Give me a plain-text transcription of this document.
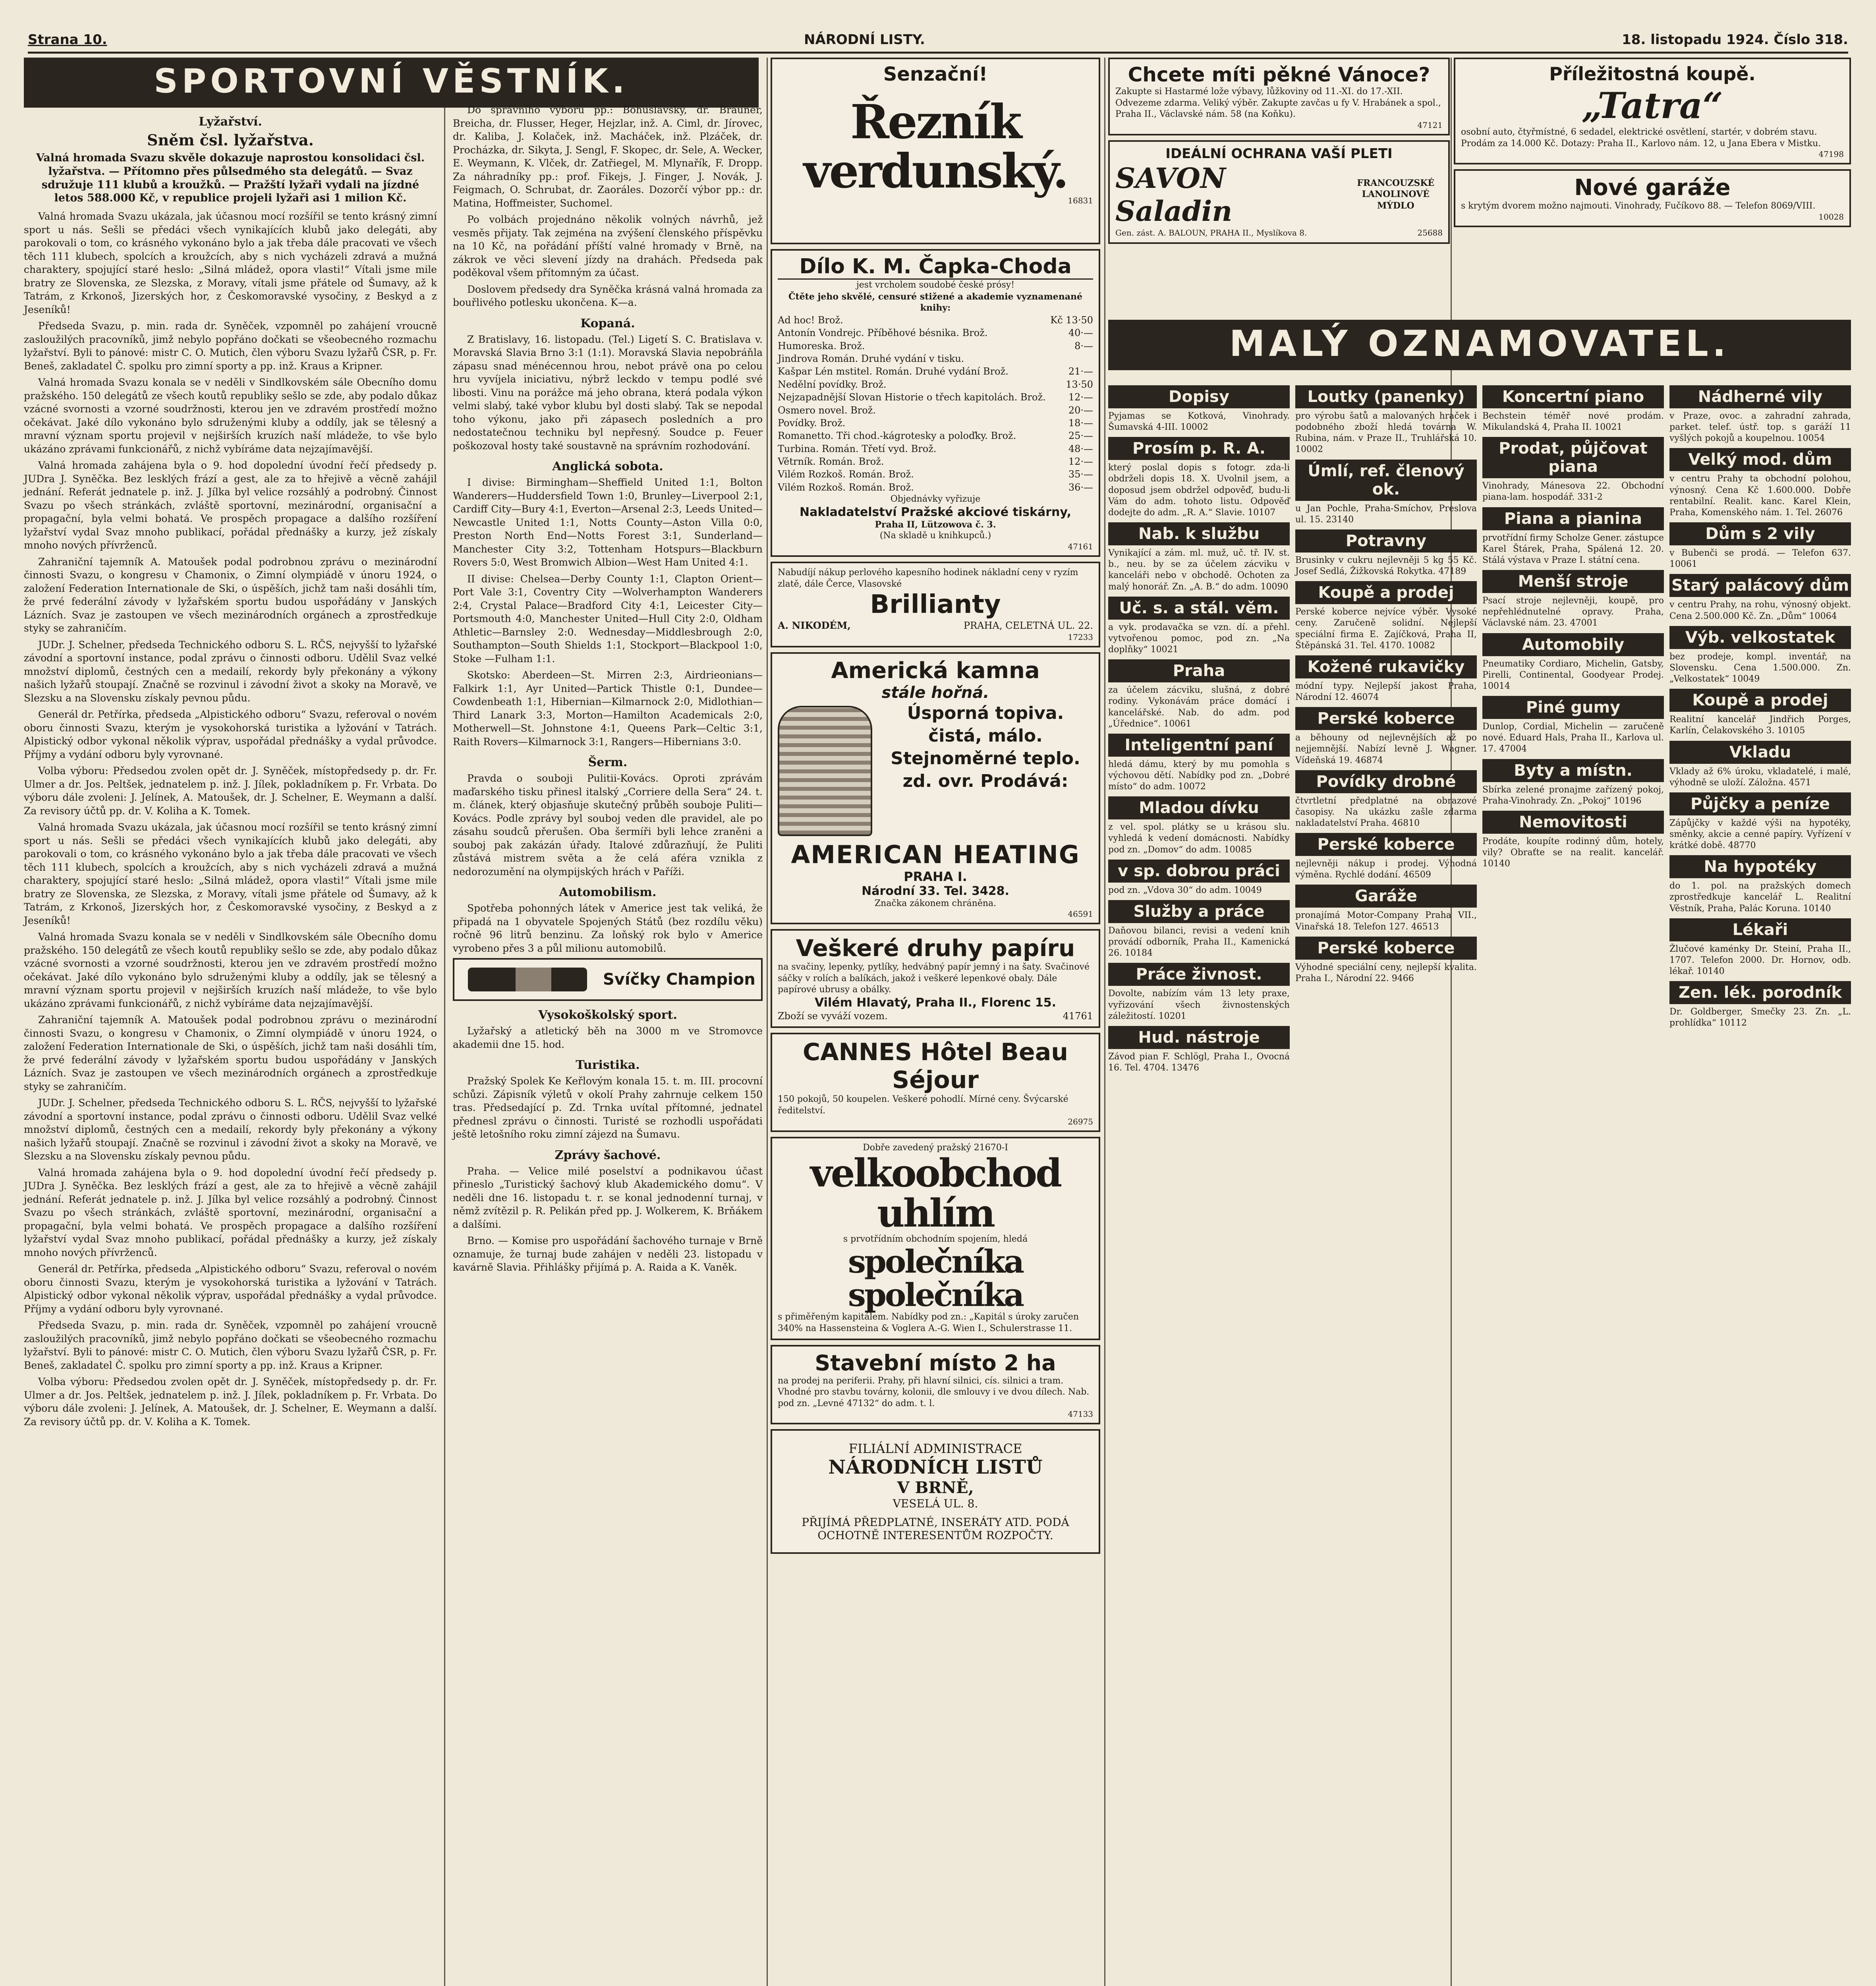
Strana 10.	NÁRODNÍ LISTY.	18. listopadu 1924. Číslo 318.
SPORTOVNÍ VĚSTNÍK.
Lyžařství.
Sněm čsl. lyžařstva.
Valná hromada Svazu skvěle dokazuje naprostou konsolidaci čsl. lyžařstva. — Přítomno přes půlsedmého sta delegátů. — Svaz sdružuje 111 klubů a kroužků. — Pražští lyžaři vydali na jízdné letos 588.000 Kč, v republice projeli lyžaři asi 1 milion Kč.

Valná hromada Svazu ukázala, jak účasnou mocí rozšířil se tento krásný zimní sport u nás. Sešli se předáci všech vynikajících klubů jako delegáti, aby parokovali o tom, co krásného vykonáno bylo a jak třeba dále pracovati ve všech těch 111 klubech, spolcích a kroužcích, aby s nich vycházeli zdravá a mužná charaktery, spojující staré heslo: „Silná mládež, opora vlasti!“ Vítali jsme mile bratry ze Slovenska, ze Slezska, z Moravy, vítali jsme přátele od Šumavy, až k Tatrám, z Krkonoš, Jizerských hor, z Českomoravské vysočiny, z Beskyd a z Jeseníků!

Předseda Svazu, p. min. rada dr. Syněček, vzpomněl po zahájení vroucně zasloužilých pracovníků, jimž nebylo popřáno dočkati se všeobecného rozmachu lyžařství. Byli to pánové: mistr C. O. Mutich, člen výboru Svazu lyžařů ČSR, p. Fr. Beneš, zakladatel Č. spolku pro zimní sporty a pp. inž. Kraus a Kripner.

Valná hromada Svazu konala se v neděli v Sindlkovském sále Obecního domu pražského. 150 delegátů ze všech koutů republiky sešlo se zde, aby podalo důkaz vzácné svornosti a vzorné soudržnosti, kterou jen ve zdravém prostředí možno očekávat. Jaké dílo vykonáno bylo sdruženými kluby a oddíly, jak se tělesný a mravní význam sportu projevil v nejširších kruzích naší mládeže, to vše bylo ukázáno zprávami funkcionářů, z nichž vybíráme data nejzajímavější.

Valná hromada zahájena byla o 9. hod dopolední úvodní řečí předsedy p. JUDra J. Syněčka. Bez lesklých frází a gest, ale za to hřejivě a věcně zahájil jednání. Referát jednatele p. inž. J. Jílka byl velice rozsáhlý a podrobný. Činnost Svazu po všech stránkách, zvláště sportovní, mezinárodní, organisační a propagační, byla velmi bohatá. Ve prospěch propagace a dalšího rozšíření lyžařství vydal Svaz mnoho publikací, pořádal přednášky a kurzy, jež získaly mnoho nových přívrženců.

Zahraniční tajemník A. Matoušek podal podrobnou zprávu o mezinárodní činnosti Svazu, o kongresu v Chamonix, o Zimní olympiádě v únoru 1924, o založení Federation Internationale de Ski, o úspěších, jichž tam naši dosáhli tím, že prvé federální závody v lyžařském sportu budou uspořádány v Janských Lázních. Svaz je zastoupen ve všech mezinárodních orgánech a zprostředkuje styky se zahraničím.

JUDr. J. Schelner, předseda Technického odboru S. L. RČS, nejvyšší to lyžařské závodní a sportovní instance, podal zprávu o činnosti odboru. Udělil Svaz velké množství diplomů, čestných cen a medailí, rekordy byly překonány a výkony našich lyžařů stoupají. Značně se rozvinul i závodní život a skoky na Moravě, ve Slezsku a na Slovensku získaly pevnou půdu.

Generál dr. Petřírka, předseda „Alpistického odboru“ Svazu, referoval o novém oboru činnosti Svazu, kterým je vysokohorská turistika a lyžování v Tatrách. Alpistický odbor vykonal několik výprav, uspořádal přednášky a vydal průvodce. Příjmy a vydání odboru byly vyrovnané.

Volba výboru: Předsedou zvolen opět dr. J. Syněček, místopředsedy p. dr. Fr. Ulmer a dr. Jos. Peltšek, jednatelem p. inž. J. Jílek, pokladníkem p. Fr. Vrbata. Do výboru dále zvoleni: J. Jelínek, A. Matoušek, dr. J. Schelner, E. Weymann a další. Za revisory účtů pp. dr. V. Koliha a K. Tomek.

Valná hromada Svazu ukázala, jak účasnou mocí rozšířil se tento krásný zimní sport u nás. Sešli se předáci všech vynikajících klubů jako delegáti, aby parokovali o tom, co krásného vykonáno bylo a jak třeba dále pracovati ve všech těch 111 klubech, spolcích a kroužcích, aby s nich vycházeli zdravá a mužná charaktery, spojující staré heslo: „Silná mládež, opora vlasti!“ Vítali jsme mile bratry ze Slovenska, ze Slezska, z Moravy, vítali jsme přátele od Šumavy, až k Tatrám, z Krkonoš, Jizerských hor, z Českomoravské vysočiny, z Beskyd a z Jeseníků!

Valná hromada Svazu konala se v neděli v Sindlkovském sále Obecního domu pražského. 150 delegátů ze všech koutů republiky sešlo se zde, aby podalo důkaz vzácné svornosti a vzorné soudržnosti, kterou jen ve zdravém prostředí možno očekávat. Jaké dílo vykonáno bylo sdruženými kluby a oddíly, jak se tělesný a mravní význam sportu projevil v nejširších kruzích naší mládeže, to vše bylo ukázáno zprávami funkcionářů, z nichž vybíráme data nejzajímavější.

Zahraniční tajemník A. Matoušek podal podrobnou zprávu o mezinárodní činnosti Svazu, o kongresu v Chamonix, o Zimní olympiádě v únoru 1924, o založení Federation Internationale de Ski, o úspěších, jichž tam naši dosáhli tím, že prvé federální závody v lyžařském sportu budou uspořádány v Janských Lázních. Svaz je zastoupen ve všech mezinárodních orgánech a zprostředkuje styky se zahraničím.

JUDr. J. Schelner, předseda Technického odboru S. L. RČS, nejvyšší to lyžařské závodní a sportovní instance, podal zprávu o činnosti odboru. Udělil Svaz velké množství diplomů, čestných cen a medailí, rekordy byly překonány a výkony našich lyžařů stoupají. Značně se rozvinul i závodní život a skoky na Moravě, ve Slezsku a na Slovensku získaly pevnou půdu.

Valná hromada zahájena byla o 9. hod dopolední úvodní řečí předsedy p. JUDra J. Syněčka. Bez lesklých frází a gest, ale za to hřejivě a věcně zahájil jednání. Referát jednatele p. inž. J. Jílka byl velice rozsáhlý a podrobný. Činnost Svazu po všech stránkách, zvláště sportovní, mezinárodní, organisační a propagační, byla velmi bohatá. Ve prospěch propagace a dalšího rozšíření lyžařství vydal Svaz mnoho publikací, pořádal přednášky a kurzy, jež získaly mnoho nových přívrženců.

Generál dr. Petřírka, předseda „Alpistického odboru“ Svazu, referoval o novém oboru činnosti Svazu, kterým je vysokohorská turistika a lyžování v Tatrách. Alpistický odbor vykonal několik výprav, uspořádal přednášky a vydal průvodce. Příjmy a vydání odboru byly vyrovnané.

Předseda Svazu, p. min. rada dr. Syněček, vzpomněl po zahájení vroucně zasloužilých pracovníků, jimž nebylo popřáno dočkati se všeobecného rozmachu lyžařství. Byli to pánové: mistr C. O. Mutich, člen výboru Svazu lyžařů ČSR, p. Fr. Beneš, zakladatel Č. spolku pro zimní sporty a pp. inž. Kraus a Kripner.

Volba výboru: Předsedou zvolen opět dr. J. Syněček, místopředsedy p. dr. Fr. Ulmer a dr. Jos. Peltšek, jednatelem p. inž. J. Jílek, pokladníkem p. Fr. Vrbata. Do výboru dále zvoleni: J. Jelínek, A. Matoušek, dr. J. Schelner, E. Weymann a další. Za revisory účtů pp. dr. V. Koliha a K. Tomek.

Do správního výboru pp.: Bohuslavský, dr. Brauner, Breicha, dr. Flusser, Heger, Hejzlar, inž. A. Ciml, dr. Jírovec, dr. Kaliba, J. Kolaček, inž. Macháček, inž. Plzáček, dr. Procházka, dr. Sikyta, J. Sengl, F. Skopec, dr. Sele, A. Wecker, E. Weymann, K. Vlček, dr. Zatřiegel, M. Mlynařík, F. Dropp. Za náhradníky pp.: prof. Fikejs, J. Finger, J. Novák, J. Feigmach, O. Schrubat, dr. Zaoráles. Dozorčí výbor pp.: dr. Matina, Hoffmeister, Suchomel.

Po volbách projednáno několik volných návrhů, jež vesměs přijaty. Tak zejména na zvýšení členského příspěvku na 10 Kč, na pořádání příští valné hromady v Brně, na zákrok ve věci slevení jízdy na drahách. Předseda pak poděkoval všem přítomným za účast.

Doslovem předsedy dra Syněčka krásná valná hromada za bouřlivého potlesku ukončena. K—a.

Kopaná.

Z Bratislavy, 16. listopadu. (Tel.) Ligetí S. C. Bratislava v. Moravská Slavia Brno 3:1 (1:1). Moravská Slavia nepobráňla zápasu snad ménécennou hrou, nebot právě ona po celou hru vyvíjela iniciativu, nýbrž leckdo v tempu podlé své libosti. Vinu na porážce má jeho obrana, která podala výkon velmi slabý, také vybor klubu byl dosti slabý. Tak se nepodal toho výkonu, jako při zápasech posledních a pro nedostatečnou techniku byl nepřesný. Soudce p. Feuer poškozoval hosty také soustavně na správním rozhodování.

Anglická sobota.

I divise: Birmingham—Sheffield United 1:1, Bolton Wanderers—Huddersfield Town 1:0, Brunley—Liverpool 2:1, Cardiff City—Bury 4:1, Everton—Arsenal 2:3, Leeds United—Newcastle United 1:1, Notts County—Aston Villa 0:0, Preston North End—Notts Forest 3:1, Sunderland—Manchester City 3:2, Tottenham Hotspurs—Blackburn Rovers 5:0, West Bromwich Albion—West Ham United 4:1.

II divise: Chelsea—Derby County 1:1, Clapton Orient—Port Vale 3:1, Coventry City —Wolverhampton Wanderers 2:4, Crystal Palace—Bradford City 4:1, Leicester City—Portsmouth 4:0, Manchester United—Hull City 2:0, Oldham Athletic—Barnsley 2:0. Wednesday—Middlesbrough 2:0, Southampton—South Shields 1:1, Stockport—Blackpool 1:0, Stoke —Fulham 1:1.

Skotsko: Aberdeen—St. Mirren 2:3, Airdrieonians—Falkirk 1:1, Ayr United—Partick Thistle 0:1, Dundee—Cowdenbeath 1:1, Hibernian—Kilmarnock 2:0, Midlothian—Third Lanark 3:3, Morton—Hamilton Academicals 2:0, Motherwell—St. Johnstone 4:1, Queens Park—Celtic 3:1, Raith Rovers—Kilmarnock 3:1, Rangers—Hibernians 3:0.

Šerm.

Pravda o souboji Pulitii-Kovács. Oproti zprávám maďarského tisku přinesl italský „Corriere della Sera“ 24. t. m. článek, který objasňuje skutečný průběh souboje Puliti—Kovács. Podle zprávy byl souboj veden dle pravidel, ale po zásahu soudců přerušen. Oba šermíři byli lehce zraněni a souboj pak zakázán úřady. Italové zdůrazňují, že Puliti zůstává mistrem světa a že celá aféra vznikla z nedorozumění na olympijských hrách v Paříži.

Automobilism.

Spotřeba pohonných látek v Americe jest tak veliká, že připadá na 1 obyvatele Spojených Států (bez rozdílu věku) ročně 96 litrů benzinu. Za loňský rok bylo v Americe vyrobeno přes 3 a půl milionu automobilů.

Svíčky Champion
Vysokoškolský sport.

Lyžařský a atletický běh na 3000 m ve Stromovce akademii dne 15. hod.

Turistika.

Pražský Spolek Ke Keřlovým konala 15. t. m. III. procovní schůzi. Zápisník výletů v okolí Prahy zahrnuje celkem 150 tras. Předsedající p. Zd. Trnka uvítal přítomné, jednatel přednesl zprávu o činnosti. Turisté se rozhodli uspořádati ještě letošního roku zimní zájezd na Šumavu.

Zprávy šachové.

Praha. — Velice milé poselství a podnikavou účast přineslo „Turistický šachový klub Akademického domu“. V neděli dne 16. listopadu t. r. se konal jednodenní turnaj, v němž zvítězil p. R. Pelikán před pp. J. Wolkerem, K. Brňákem a dalšími.

Brno. — Komise pro uspořádání šachového turnaje v Brně oznamuje, že turnaj bude zahájen v neděli 23. listopadu v kavárně Slavia. Přihlášky přijímá p. A. Raida a K. Vaněk.

Senzační!
Řezník verdunský.
16831
Dílo K. M. Čapka-Choda
jest vrcholem soudobé české prósy!
Čtěte jeho skvělé, censuré stižené a akademie vyznamenané knihy:
Ad hoc! Brož.	Kč 13·50
Antonín Vondrejc. Příběhové bésnika. Brož.	40·—
Humoreska. Brož.	8·—
Jindrova Román. Druhé vydání v tisku.
Kašpar Lén mstitel. Román. Druhé vydání Brož.	21·—
Nedělní povídky. Brož.	13·50
Nejzapadnější Slovan Historie o třech kapitolách. Brož. 12·—
Osmero novel. Brož.	20·—
Povídky. Brož.	18·—
Romanetto. Tři chod.-kágrotesky a poloďky. Brož.	25·—
Turbina. Román. Třetí vyd. Brož.	48·—
Větrník. Román. Brož.	12·—
Vilém Rozkoš. Román. Brož.	35·—
Vilém Rozkoš. Román. Brož.	36·—
Objednávky vyřizuje
Nakladatelství Pražské akciové tiskárny,
Praha II, Lützowova č. 3.
(Na skladě u knihkupců.)
47161
Nabudíjí nákup perlového kapesního hodinek nákladní ceny v ryzím zlatě, dále Čerce, Vlasovské
Brillianty
A. NIKODÉM,	PRAHA, CELETNÁ UL. 22.
17233
Americká kamna
stále hořná.
Úsporná topiva. čistá, málo. Stejnoměrné teplo. zd. ovr. Prodává:
AMERICAN HEATING
PRAHA I.
Národní 33. Tel. 3428.
Značka zákonem chráněna.
46591
Veškeré druhy papíru
na svačiny, lepenky, pytlíky, hedvábný papír jemný i na šaty. Svačinové sáčky v rolích a balíkách, jakož i veškeré lepenkové obaly. Dále papírové ubrusy a obálky.
Vilém Hlavatý, Praha II., Florenc 15.
Zboží se vyváží vozem.	41761
CANNES Hôtel Beau Séjour
150 pokojů, 50 koupelen. Veškeré pohodlí. Mírné ceny. Švýcarské ředitelství.
26975
Dobře zavedený pražský 21670-I
velkoobchod uhlím
s prvotřídním obchodním spojením, hledá
společníka společníka
s přiměřeným kapitálem. Nabídky pod zn.: „Kapitál s úroky zaručen 340% na Hassensteina & Voglera A.-G. Wien I., Schulerstrasse 11.
Stavební místo 2 ha
na prodej na periferii. Prahy, při hlavní silnici, cís. silnici a tram. Vhodné pro stavbu továrny, kolonii, dle smlouvy i ve dvou dílech. Nab. pod zn. „Levné 47132“ do adm. t. l.
47133
FILIÁLNÍ ADMINISTRACE
NÁRODNÍCH LISTŮ
V BRNĚ,
VESELÁ UL. 8.
PŘIJÍMÁ PŘEDPLATNÉ, INSERÁTY ATD. PODÁ OCHOTNĚ INTERESENTŮM ROZPOČTY.
Chcete míti pěkné Vánoce?
Zakupte si Hastarmé lože výbavy, lůžkoviny od 11.-XI. do 17.-XII. Odvezeme zdarma. Veliký výběr. Zakupte zavčas u fy V. Hrabánek a spol., Praha II., Václavské nám. 58 (na Koňku).
47121
IDEÁLNÍ OCHRANA VAŠÍ PLETI
SAVON Saladin
FRANCOUZSKÉ LANOLINOVÉ MÝDLO
Gen. zást. A. BALOUN, PRAHA II., Myslíkova 8.	25688
Příležitostná koupě.
„Tatra“
osobní auto, čtyřmístné, 6 sedadel, elektrické osvětlení, startér, v dobrém stavu. Prodám za 14.000 Kč. Dotazy: Praha II., Karlovo nám. 12, u Jana Ebera v Mistku.
47198
Nové garáže
s krytým dvorem možno najmouti. Vinohrady, Fučíkovo 88. — Telefon 8069/VIII.
10028
MALÝ OZNAMOVATEL.
Dopisy
Pyjamas se Kotková, Vinohrady. Šumavská 4-III. 10002
Prosím p. R. A.
který poslal dopis s fotogr. zda-li obdrželi dopis 18. X. Uvolnil jsem, a doposud jsem obdržel odpověď, budu-li Vám do adm. tohoto listu. Odpověď dodejte do adm. „R. A.“ Slavie. 10107
Nab. k službu
Vynikající a zám. ml. muž, uč. tř. IV. st. b., neu. by se za účelem zácviku v kanceláři nebo v obchodě. Ochoten za malý honorář. Zn. „A. B.“ do adm. 10090
Uč. s. a stál. věm.
a vyk. prodavačka se vzn. dí. a přehl. vytvořenou pomoc, pod zn. „Na doplňky“ 10021
Praha
za účelem zácviku, slušná, z dobré rodiny. Vykonávám práce domácí i kancelářské. Nab. do adm. pod „Úřednice“. 10061
Inteligentní paní
hledá dámu, který by mu pomohla s výchovou dětí. Nabídky pod zn. „Dobré místo“ do adm. 10072
Mladou dívku
z vel. spol. plátky se u krásou slu. vyhledá k vedení domácnosti. Nabídky pod zn. „Domov“ do adm. 10085
v sp. dobrou práci
pod zn. „Vdova 30“ do adm. 10049
Služby a práce
Daňovou bilanci, revisi a vedení knih provádí odborník, Praha II., Kamenická 26. 10184
Práce živnost.
Dovolte, nabízím vám 13 lety praxe, vyřizování všech živnostenských záležitostí. 10201
Hud. nástroje
Závod pian F. Schlögl, Praha I., Ovocná 16. Tel. 4704. 13476
Loutky (panenky)
pro výrobu šatů a malovaných hraček i podobného zboží hledá továrna W. Rubina, nám. v Praze II., Truhlářská 10. 10002
Úmlí, ref. členový ok.
u Jan Pochle, Praha-Smíchov, Preslova ul. 15. 23140
Potravny
Brusinky v cukru nejlevněji 5 kg 55 Kč. Josef Sedlá, Žižkovská Rokytka. 47189
Koupě a prodej
Perské koberce nejvíce výběr. Vysoké ceny. Zaručeně solidní. Nejlepší speciální firma E. Zajíčková, Praha II, Štěpánská 31. Tel. 4170. 10082
Kožené rukavičky
módní typy. Nejlepší jakost Praha, Národní 12. 46074
Perské koberce
a běhouny od nejlevnějších až po nejjemnější. Nabízí levně J. Wagner. Vídeňská 19. 46874
Povídky drobné
čtvrtletní předplatné na obrazové časopisy. Na ukázku zašle zdarma nakladatelství Praha. 46810
Perské koberce
nejlevněji nákup i prodej. Výhodná výměna. Rychlé dodání. 46509
Garáže
pronajímá Motor-Company Praha VII., Vinařská 18. Telefon 127. 46513
Perské koberce
Výhodné speciální ceny, nejlepší kvalita. Praha I., Národní 22. 9466
Koncertní piano
Bechstein téměř nové prodám. Mikulandská 4, Praha II. 10021
Prodat, půjčovat piana
Vinohrady, Mánesova 22. Obchodní piana-lam. hospodář. 331-2
Piana a pianina
prvotřídní firmy Scholze Gener. zástupce Karel Štárek, Praha, Spálená 12. 20. Stálá výstava v Praze I. státní cena.
Menší stroje
Psací stroje nejlevněji, koupě, pro nepřehlédnutelné opravy. Praha, Václavské nám. 23. 47001
Automobily
Pneumatiky Cordiaro, Michelin, Gatsby, Pirelli, Continental, Goodyear Prodej. 10014
Piné gumy
Dunlop, Cordial, Michelin — zaručeně nové. Eduard Hals, Praha II., Karlova ul. 17. 47004
Byty a místn.
Sbírka zelené pronajme zařízený pokoj, Praha-Vinohrady. Zn. „Pokoj“ 10196
Nemovitosti
Prodáte, koupíte rodinný dům, hotely, vily? Obraťte se na realit. kancelář. 10140
Nádherné vily
v Praze, ovoc. a zahradní zahrada, parket. telef. ústř. top. s garáží 11 vyšlých pokojů a koupelnou. 10054
Velký mod. dům
v centru Prahy ta obchodní polohou, výnosný. Cena Kč 1.600.000. Dobře rentabilní. Realit. kanc. Karel Klein, Praha, Komenského nám. 1. Tel. 26076
Dům s 2 vily
v Bubenči se prodá. — Telefon 637. 10061
Starý palácový dům
v centru Prahy, na rohu, výnosný objekt. Cena 2.500.000 Kč. Zn. „Dům“ 10064
Výb. velkostatek
bez prodeje, kompl. inventář, na Slovensku. Cena 1.500.000. Zn. „Velkostatek“ 10049
Koupě a prodej
Realitní kancelář Jindřich Porges, Karlín, Čelakovského 3. 10105
Vkladu
Vklady až 6% úroku, vkladatelé, i malé, výhodně se uloží. Záložna. 4571
Půjčky a peníze
Zápůjčky v každé výši na hypotéky, směnky, akcie a cenné papíry. Vyřízení v krátké době. 48770
Na hypotéky
do 1. pol. na pražských domech zprostředkuje kancelář L. Realitní Věstník, Praha, Palác Koruna. 10140
Lékaři
Žlučové kaménky Dr. Steiní, Praha II., 1707. Telefon 2000. Dr. Hornov, odb. lékař. 10140
Zen. lék. porodník
Dr. Goldberger, Smečky 23. Zn. „L. prohlídka“ 10112
